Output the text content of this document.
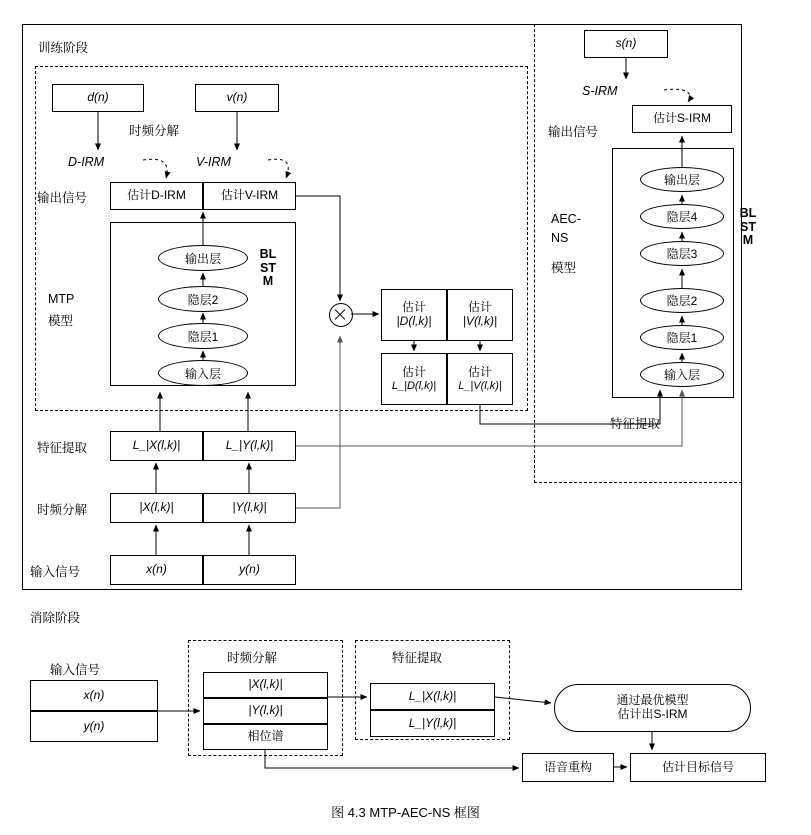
训练阶段
消除阶段
d(n)	v(n)
时频分解
D-IRM	V-IRM
输出信号	估计D-IRM	估计V-IRM
MTP
模型
输出层
隐层2
隐层1
输入层
BLSTM
估计
|D(l,k)|
估计
|V(l,k)|
估计
L_|D(l,k)|
估计
L_|V(l,k)|
特征提取	L_|X(l,k)|	L_|Y(l,k)|
时频分解	|X(l,k)|	|Y(l,k)|
输入信号	x(n)	y(n)
s(n)
S-IRM
输出信号
估计S-IRM
AEC-
NS
模型
输出层
隐层4
隐层3
隐层2
隐层1
输入层
BLSTM
特征提取
输入信号
x(n)
y(n)
时频分解
|X(l,k)|
|Y(l,k)|
相位谱
特征提取
L_|X(l,k)|
L_|Y(l,k)|
通过最优模型
估计出S-IRM
语音重构	估计目标信号
图 4.3 MTP-AEC-NS 框图
